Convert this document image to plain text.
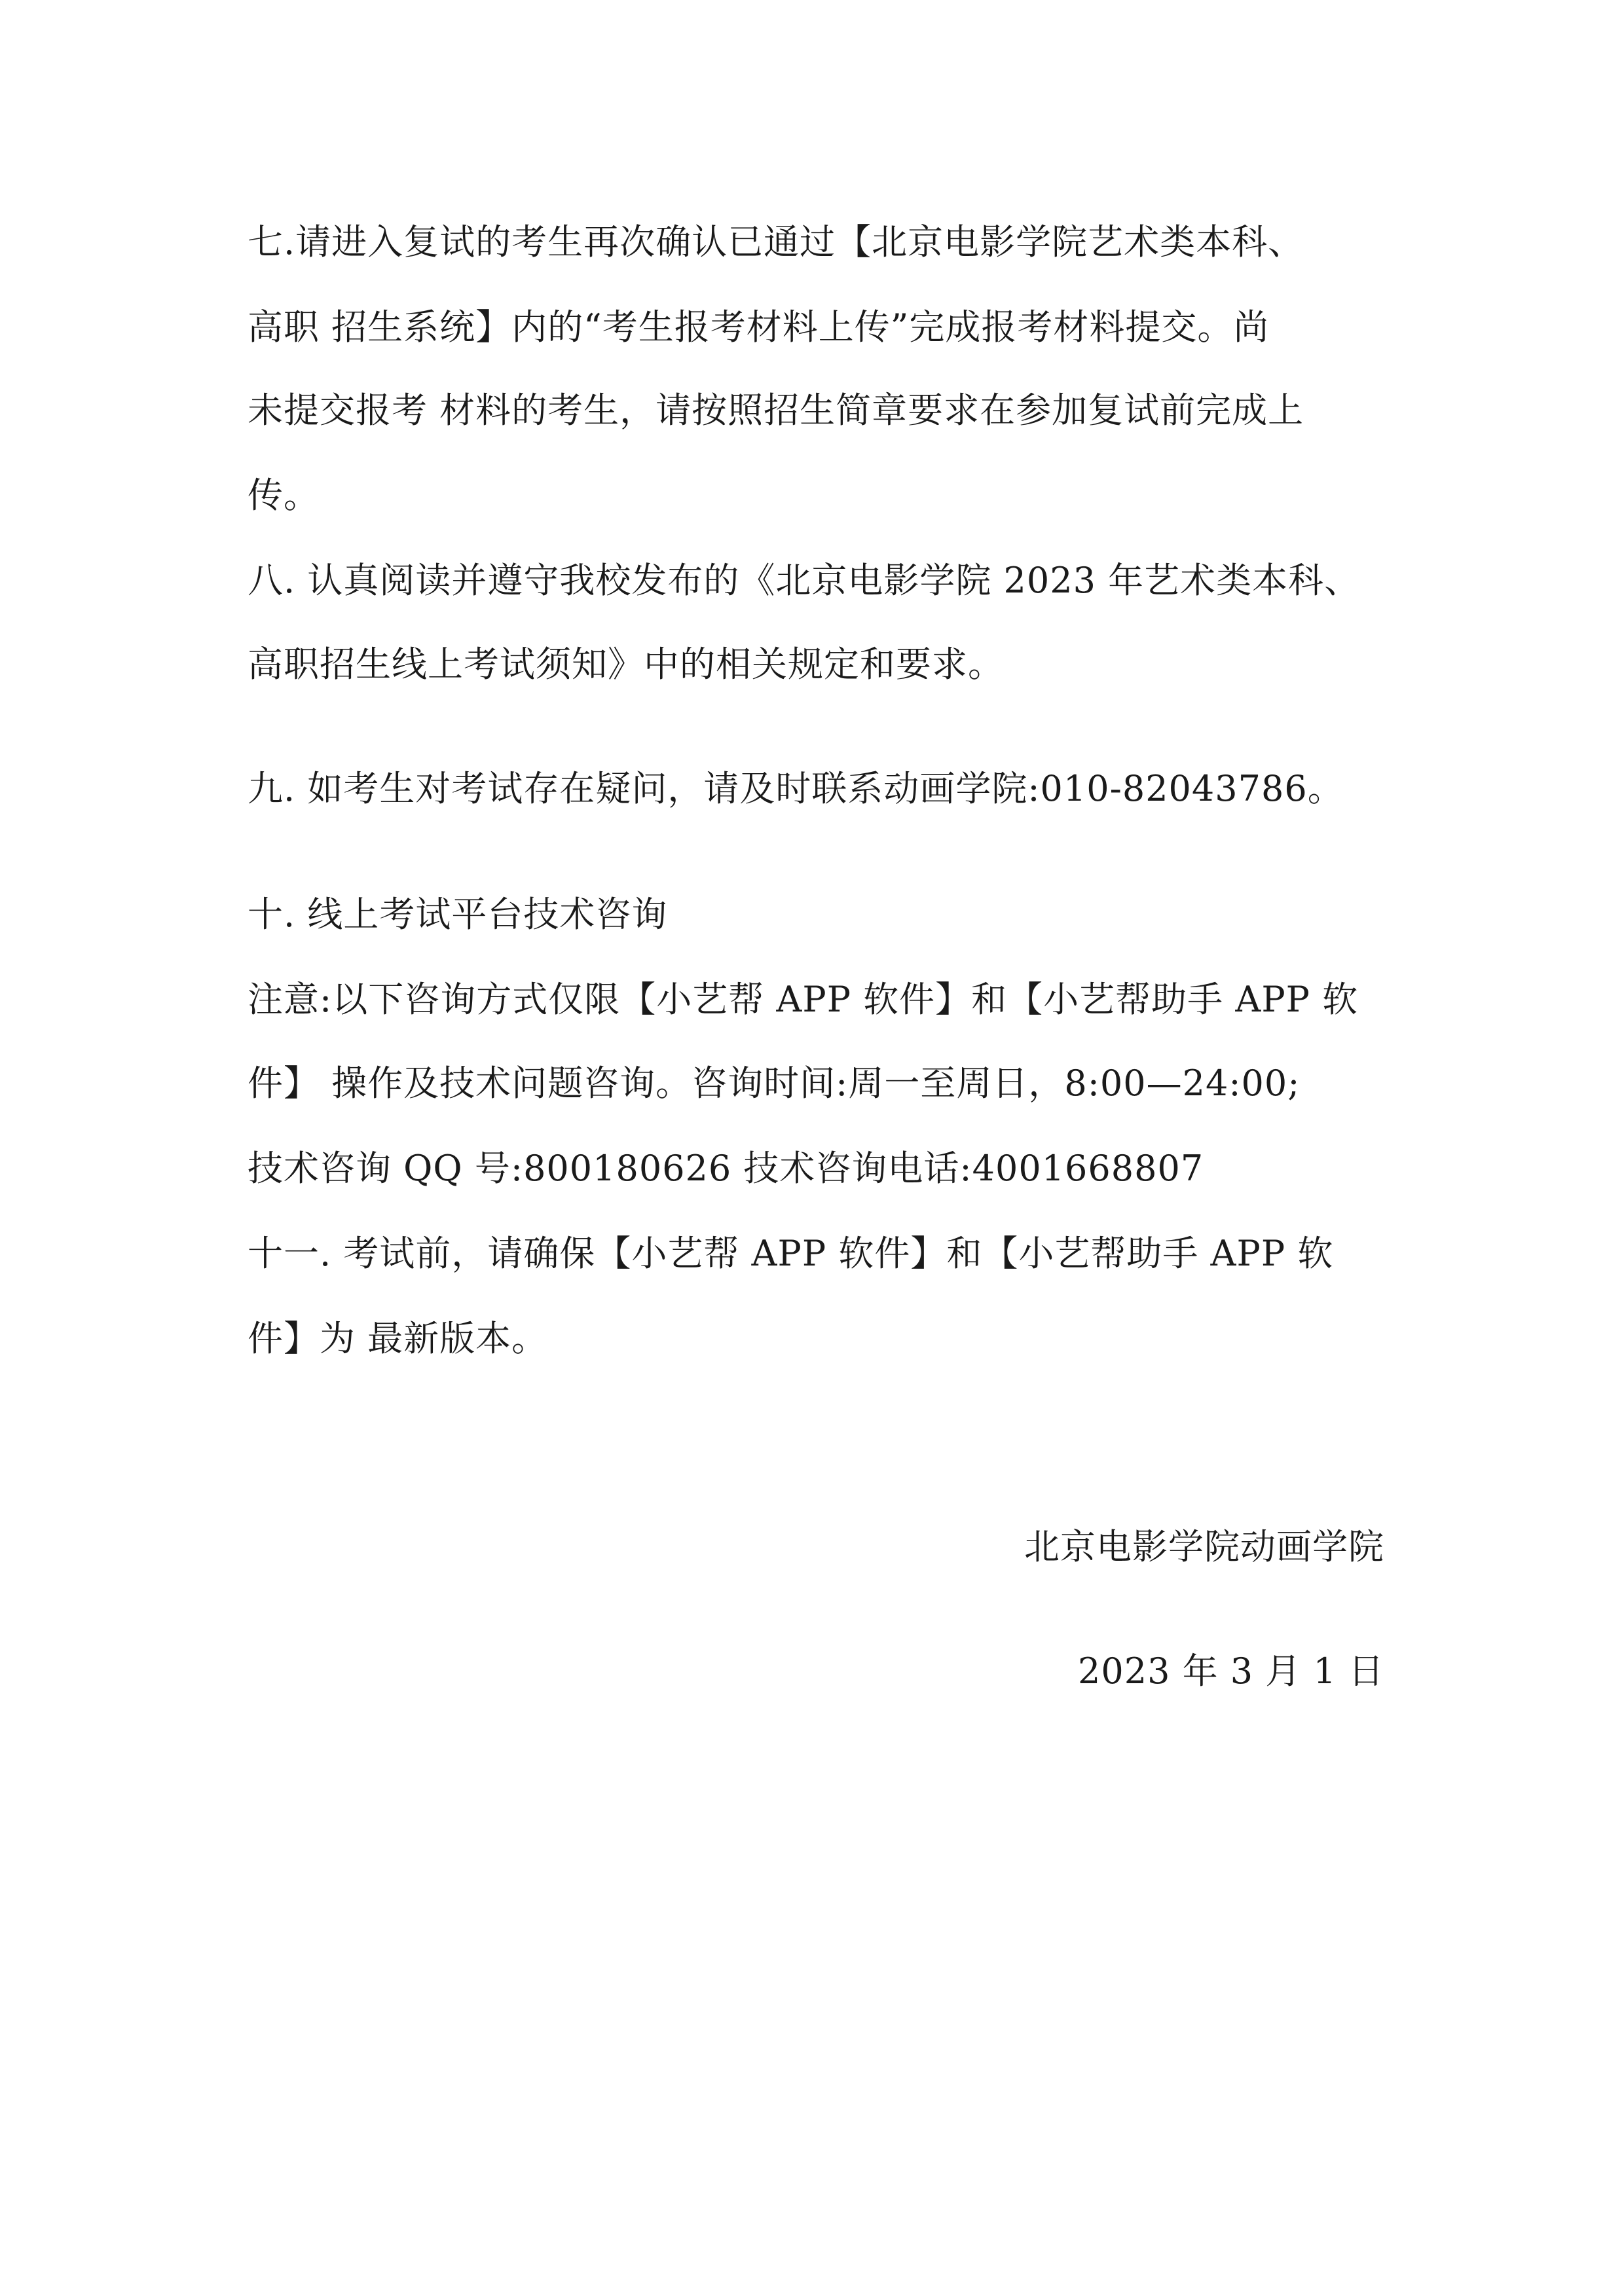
七.请进入复试的考生再次确认已通过【北京电影学院艺术类本科、
高职 招生系统】内的“考生报考材料上传”完成报考材料提交。尚
未提交报考 材料的考生，请按照招生简章要求在参加复试前完成上
传。
八. 认真阅读并遵守我校发布的《北京电影学院 2023 年艺术类本科、
高职招生线上考试须知》中的相关规定和要求。
九. 如考生对考试存在疑问，请及时联系动画学院:010-82043786。
十. 线上考试平台技术咨询
注意:以下咨询方式仅限【小艺帮 APP 软件】和【小艺帮助手 APP 软
件】 操作及技术问题咨询。咨询时间:周一至周日，8:00—24:00;
技术咨询 QQ 号:800180626 技术咨询电话:4001668807
十一. 考试前，请确保【小艺帮 APP 软件】和【小艺帮助手 APP 软
件】为 最新版本。
北京电影学院动画学院
2023 年 3 月 1 日
